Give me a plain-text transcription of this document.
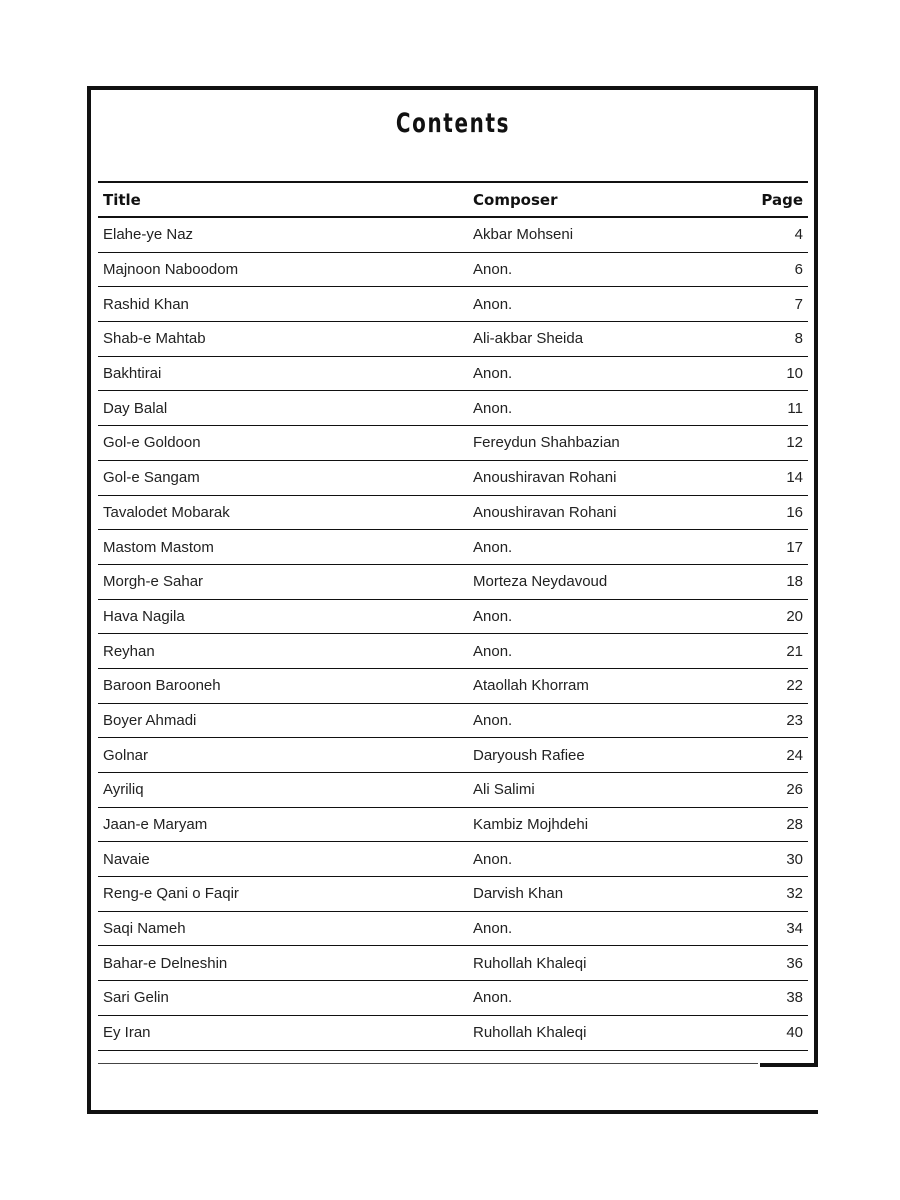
Contents
Title	Composer	Page
Elahe-ye Naz	Akbar Mohseni	4
Majnoon Naboodom	Anon.	6
Rashid Khan	Anon.	7
Shab-e Mahtab	Ali-akbar Sheida	8
Bakhtirai	Anon.	10
Day Balal	Anon.	11
Gol-e Goldoon	Fereydun Shahbazian	12
Gol-e Sangam	Anoushiravan Rohani	14
Tavalodet Mobarak	Anoushiravan Rohani	16
Mastom Mastom	Anon.	17
Morgh-e Sahar	Morteza Neydavoud	18
Hava Nagila	Anon.	20
Reyhan	Anon.	21
Baroon Barooneh	Ataollah Khorram	22
Boyer Ahmadi	Anon.	23
Golnar	Daryoush Rafiee	24
Ayriliq	Ali Salimi	26
Jaan-e Maryam	Kambiz Mojhdehi	28
Navaie	Anon.	30
Reng-e Qani o Faqir	Darvish Khan	32
Saqi Nameh	Anon.	34
Bahar-e Delneshin	Ruhollah Khaleqi	36
Sari Gelin	Anon.	38
Ey Iran	Ruhollah Khaleqi	40
